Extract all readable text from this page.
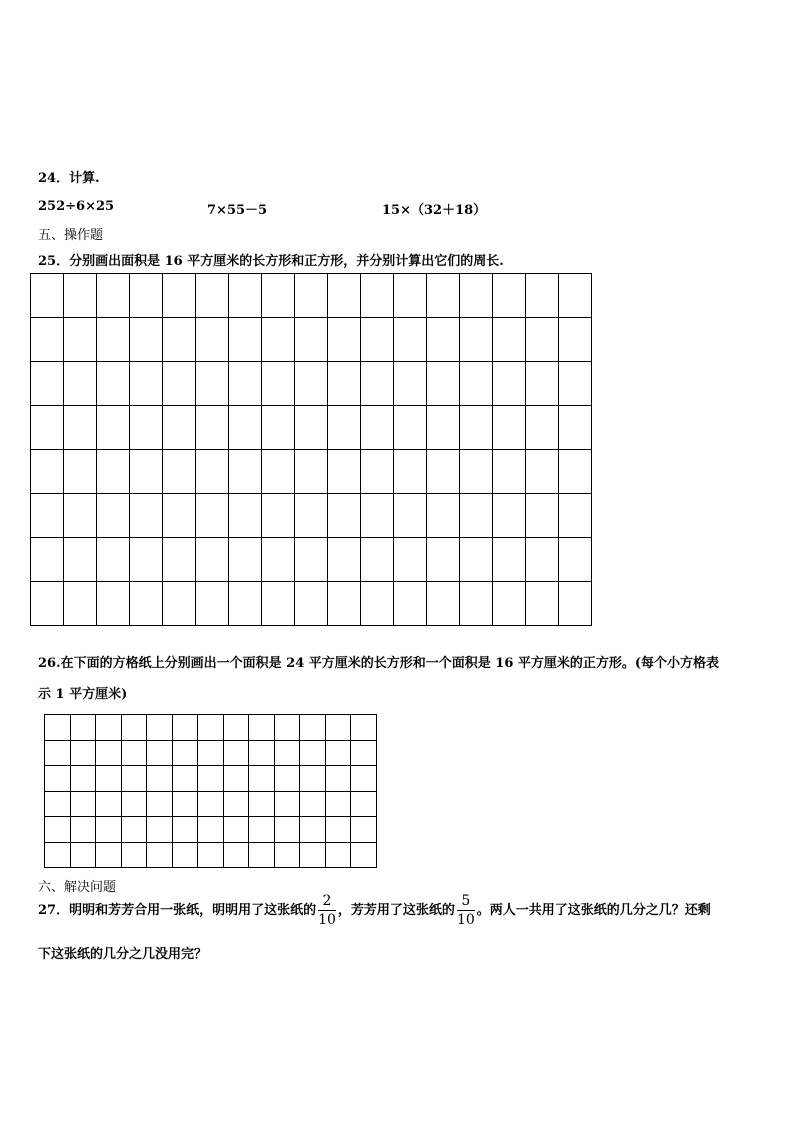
24．计算.
252÷6×25	7×55－5	15×（32＋18）
五、操作题
25．分别画出面积是 16 平方厘米的长方形和正方形，并分别计算出它们的周长.

26.在下面的方格纸上分别画出一个面积是 24 平方厘米的长方形和一个面积是 16 平方厘米的正方形。(每个小方格表
示 1 平方厘米)

六、解决问题
27．明明和芳芳合用一张纸，明明用了这张纸的 $\frac{2}{10}$ ，芳芳用了这张纸的 $\frac{5}{10}$ 。两人一共用了这张纸的几分之几？还剩
下这张纸的几分之几没用完？
